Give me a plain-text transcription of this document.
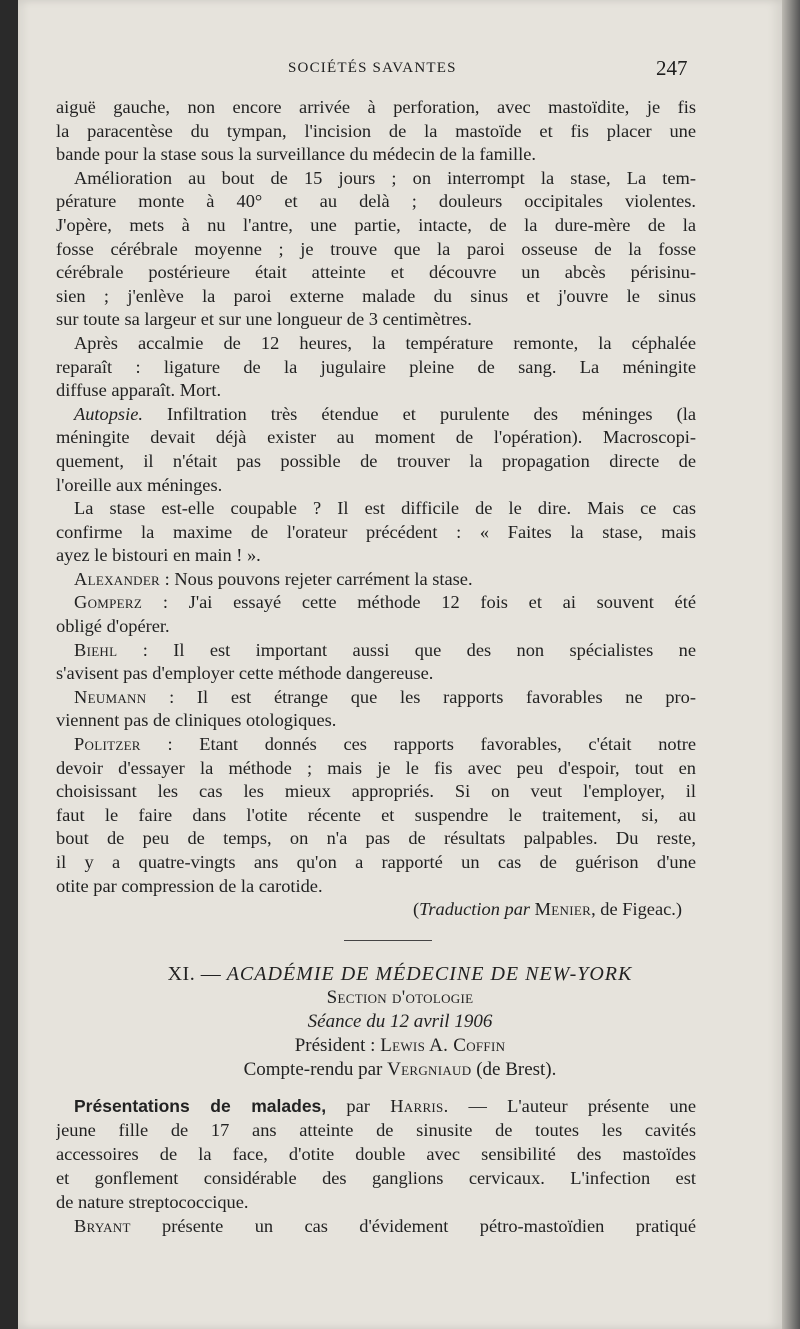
SOCIÉTÉS SAVANTES	247
aiguë gauche, non encore arrivée à perforation, avec mastoïdite, je fis
la paracentèse du tympan, l'incision de la mastoïde et fis placer une
bande pour la stase sous la surveillance du médecin de la famille.
Amélioration au bout de 15 jours ; on interrompt la stase, La tem-
pérature monte à 40° et au delà ; douleurs occipitales violentes.
J'opère, mets à nu l'antre, une partie, intacte, de la dure-mère de la
fosse cérébrale moyenne ; je trouve que la paroi osseuse de la fosse
cérébrale postérieure était atteinte et découvre un abcès périsinu-
sien ; j'enlève la paroi externe malade du sinus et j'ouvre le sinus
sur toute sa largeur et sur une longueur de 3 centimètres.
Après accalmie de 12 heures, la température remonte, la céphalée
reparaît : ligature de la jugulaire pleine de sang. La méningite
diffuse apparaît. Mort.
Autopsie. Infiltration très étendue et purulente des méninges (la
méningite devait déjà exister au moment de l'opération). Macroscopi-
quement, il n'était pas possible de trouver la propagation directe de
l'oreille aux méninges.
La stase est-elle coupable ? Il est difficile de le dire. Mais ce cas
confirme la maxime de l'orateur précédent : « Faites la stase, mais
ayez le bistouri en main ! ».
Alexander : Nous pouvons rejeter carrément la stase.
Gomperz : J'ai essayé cette méthode 12 fois et ai souvent été
obligé d'opérer.
Biehl : Il est important aussi que des non spécialistes ne
s'avisent pas d'employer cette méthode dangereuse.
Neumann : Il est étrange que les rapports favorables ne pro-
viennent pas de cliniques otologiques.
Politzer : Etant donnés ces rapports favorables, c'était notre
devoir d'essayer la méthode ; mais je le fis avec peu d'espoir, tout en
choisissant les cas les mieux appropriés. Si on veut l'employer, il
faut le faire dans l'otite récente et suspendre le traitement, si, au
bout de peu de temps, on n'a pas de résultats palpables. Du reste,
il y a quatre-vingts ans qu'on a rapporté un cas de guérison d'une
otite par compression de la carotide.
(Traduction par Menier, de Figeac.)
XI. — ACADÉMIE DE MÉDECINE DE NEW-YORK
Section d'otologie
Séance du 12 avril 1906
Président : Lewis A. Coffin
Compte-rendu par Vergniaud (de Brest).
Présentations de malades, par Harris. — L'auteur présente une
jeune fille de 17 ans atteinte de sinusite de toutes les cavités
accessoires de la face, d'otite double avec sensibilité des mastoïdes
et gonflement considérable des ganglions cervicaux. L'infection est
de nature streptococcique.
Bryant présente un cas d'évidement pétro-mastoïdien pratiqué
